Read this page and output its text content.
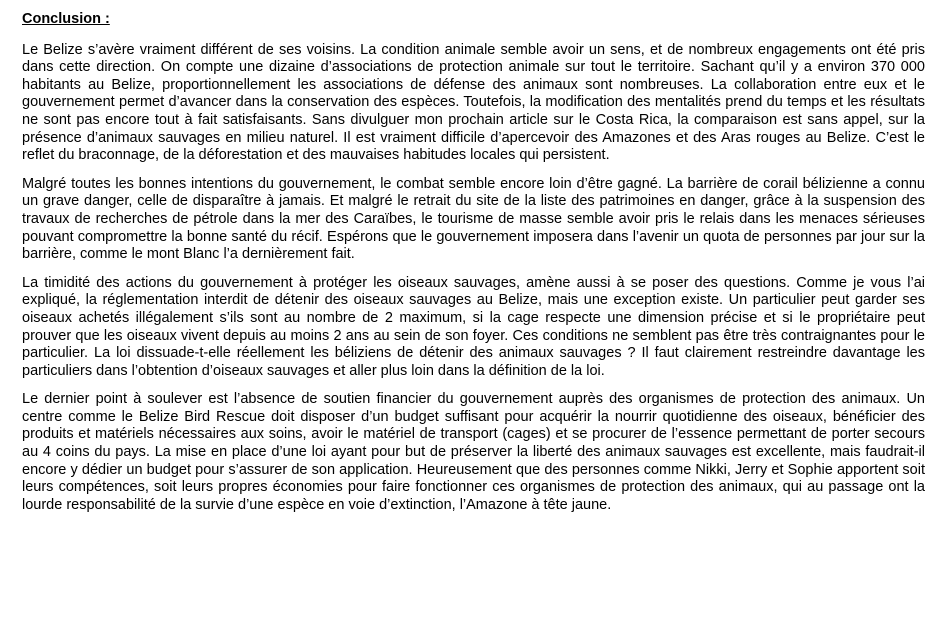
Conclusion :

Le Belize s’avère vraiment différent de ses voisins. La condition animale semble avoir un sens, et de nombreux engagements ont été pris dans cette direction. On compte une dizaine d’associations de protection animale sur tout le territoire. Sachant qu’il y a environ 370 000 habitants au Belize, proportionnellement les associations de défense des animaux sont nombreuses. La collaboration entre eux et le gouvernement permet d’avancer dans la conservation des espèces. Toutefois, la modification des mentalités prend du temps et les résultats ne sont pas encore tout à fait satisfaisants. Sans divulguer mon prochain article sur le Costa Rica, la comparaison est sans appel, sur la présence d’animaux sauvages en milieu naturel. Il est vraiment difficile d’apercevoir des Amazones et des Aras rouges au Belize. C’est le reflet du braconnage, de la déforestation et des mauvaises habitudes locales qui persistent.

Malgré toutes les bonnes intentions du gouvernement, le combat semble encore loin d’être gagné. La barrière de corail bélizienne a connu un grave danger, celle de disparaître à jamais. Et malgré le retrait du site de la liste des patrimoines en danger, grâce à la suspension des travaux de recherches de pétrole dans la mer des Caraïbes, le tourisme de masse semble avoir pris le relais dans les menaces sérieuses pouvant compromettre la bonne santé du récif. Espérons que le gouvernement imposera dans l’avenir un quota de personnes par jour sur la barrière, comme le mont Blanc l’a dernièrement fait.

La timidité des actions du gouvernement à protéger les oiseaux sauvages, amène aussi à se poser des questions. Comme je vous l’ai expliqué, la réglementation interdit de détenir des oiseaux sauvages au Belize, mais une exception existe. Un particulier peut garder ses oiseaux achetés illégalement s’ils sont au nombre de 2 maximum, si la cage respecte une dimension précise et si le propriétaire peut prouver que les oiseaux vivent depuis au moins 2 ans au sein de son foyer. Ces conditions ne semblent pas être très contraignantes pour le particulier. La loi dissuade-t-elle réellement les béliziens de détenir des animaux sauvages ? Il faut clairement restreindre davantage les particuliers dans l’obtention d’oiseaux sauvages et aller plus loin dans la définition de la loi.

Le dernier point à soulever est l’absence de soutien financier du gouvernement auprès des organismes de protection des animaux. Un centre comme le Belize Bird Rescue doit disposer d’un budget suffisant pour acquérir la nourrir quotidienne des oiseaux, bénéficier des produits et matériels nécessaires aux soins, avoir le matériel de transport (cages) et se procurer de l’essence permettant de porter secours au 4 coins du pays. La mise en place d’une loi ayant pour but de préserver la liberté des animaux sauvages est excellente, mais faudrait-il encore y dédier un budget pour s’assurer de son application. Heureusement que des personnes comme Nikki, Jerry et Sophie apportent soit leurs compétences, soit leurs propres économies pour faire fonctionner ces organismes de protection des animaux, qui au passage ont la lourde responsabilité de la survie d’une espèce en voie d’extinction, l’Amazone à tête jaune.
